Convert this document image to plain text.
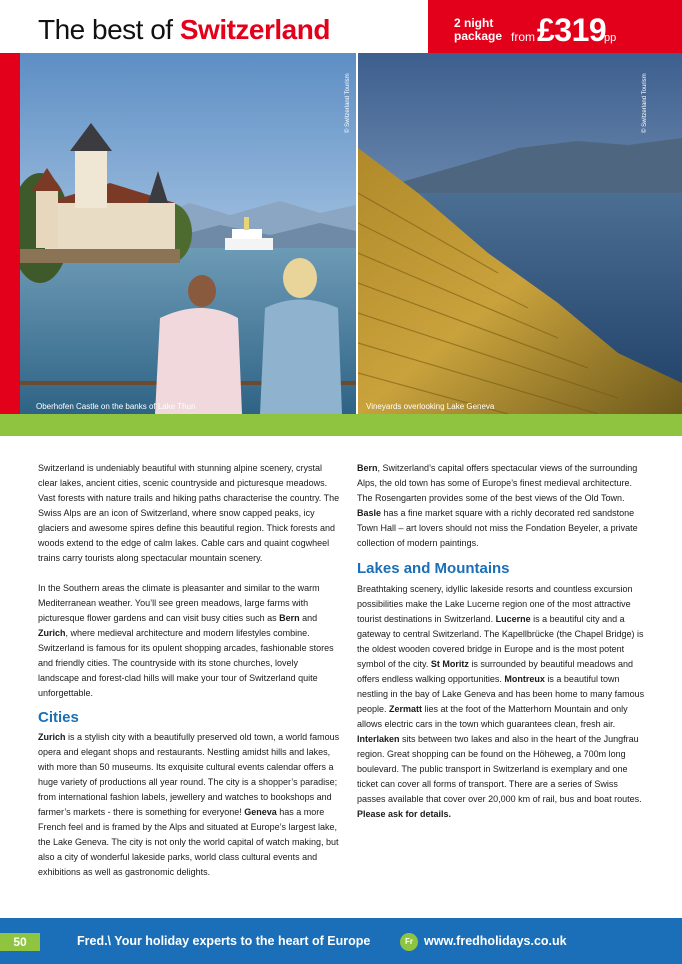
The best of Switzerland	2 night
package from £319
pp
© Switzerland Tourism
Oberhofen Castle on the banks of Lake Thun
© Switzerland Tourism
Vineyards overlooking Lake Geneva

Switzerland is undeniably beautiful with stunning alpine scenery, crystal clear lakes, ancient cities, scenic countryside and picturesque meadows. Vast forests with nature trails and hiking paths characterise the country. The Swiss Alps are an icon of Switzerland, where snow capped peaks, icy glaciers and awesome spires define this beautiful region. Thick forests and woods extend to the edge of calm lakes. Cable cars and quaint cogwheel trains carry tourists along spectacular mountain scenery.

In the Southern areas the climate is pleasanter and similar to the warm Mediterranean weather. You’ll see green meadows, large farms with picturesque flower gardens and can visit busy cities such as Bern and Zurich, where medieval architecture and modern lifestyles combine. Switzerland is famous for its opulent shopping arcades, fashionable stores and friendly cities. The countryside with its stone churches, lovely landscape and forest-clad hills will make your tour of Switzerland quite unforgettable.

Cities

Zurich is a stylish city with a beautifully preserved old town, a world famous opera and elegant shops and restaurants. Nestling amidst hills and lakes, with more than 50 museums. Its exquisite cultural events calendar offers a huge variety of productions all year round. The city is a shopper’s paradise; from international fashion labels, jewellery and watches to bookshops and farmer’s markets - there is something for everyone! Geneva has a more French feel and is framed by the Alps and situated at Europe’s largest lake, the Lake Geneva. The city is not only the world capital of watch making, but also a city of wonderful lakeside parks, world class cultural events and exhibitions as well as gastronomic delights.

Bern, Switzerland’s capital offers spectacular views of the surrounding Alps, the old town has some of Europe’s finest medieval architecture. The Rosengarten provides some of the best views of the Old Town. Basle has a fine market square with a richly decorated red sandstone Town Hall – art lovers should not miss the Fondation Beyeler, a private collection of modern paintings.

Lakes and Mountains

Breathtaking scenery, idyllic lakeside resorts and countless excursion possibilities make the Lake Lucerne region one of the most attractive tourist destinations in Switzerland. Lucerne is a beautiful city and a gateway to central Switzerland. The Kapellbrücke (the Chapel Bridge) is the oldest wooden covered bridge in Europe and is the most potent symbol of the city. St Moritz is surrounded by beautiful meadows and offers endless walking opportunities. Montreux is a beautiful town nestling in the bay of Lake Geneva and has been home to many famous people. Zermatt lies at the foot of the Matterhorn Mountain and only allows electric cars in the town which guarantees clean, fresh air. Interlaken sits between two lakes and also in the heart of the Jungfrau region. Great shopping can be found on the Höheweg, a 700m long boulevard. The public transport in Switzerland is exemplary and one ticket can cover all forms of transport. There are a series of Swiss passes available that cover over 20,000 km of rail, bus and boat routes. Please ask for details.

50	Fred.\ Your holiday experts to the heart of Europe	Fr www.fredholidays.co.uk
